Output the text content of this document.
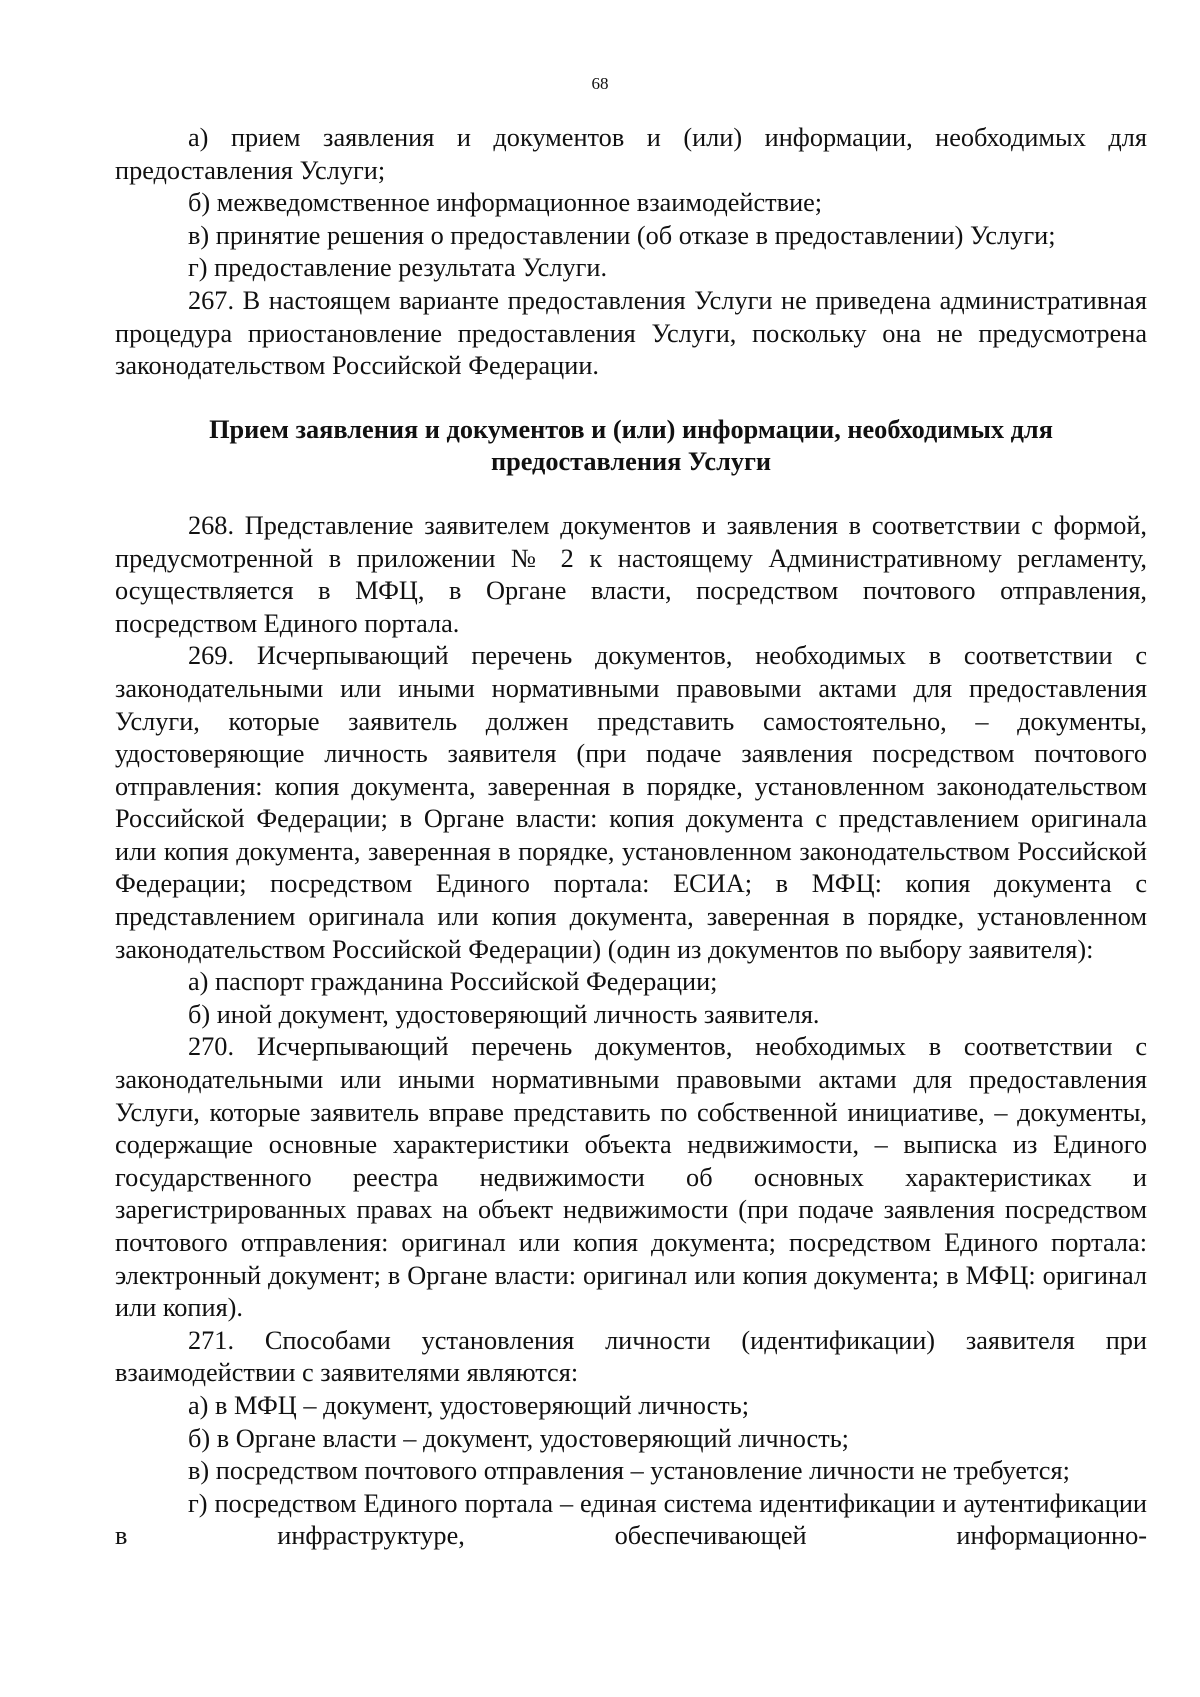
68

а) прием заявления и документов и (или) информации, необходимых для предоставления Услуги;

б) межведомственное информационное взаимодействие;

в) принятие решения о предоставлении (об отказе в предоставлении) Услуги;

г) предоставление результата Услуги.

267. В настоящем варианте предоставления Услуги не приведена административная процедура приостановление предоставления Услуги, поскольку она не предусмотрена законодательством Российской Федерации.

Прием заявления и документов и (или) информации, необходимых для
предоставления Услуги

268. Представление заявителем документов и заявления в соответствии с формой, предусмотренной в приложении № 2 к настоящему Административному регламенту, осуществляется в МФЦ, в Органе власти, посредством почтового отправления, посредством Единого портала.

269. Исчерпывающий перечень документов, необходимых в соответствии с законодательными или иными нормативными правовыми актами для предоставления Услуги, которые заявитель должен представить самостоятельно, – документы, удостоверяющие личность заявителя (при подаче заявления посредством почтового отправления: копия документа, заверенная в порядке, установленном законодательством Российской Федерации; в Органе власти: копия документа с представлением оригинала или копия документа, заверенная в порядке, установленном законодательством Российской Федерации; посредством Единого портала: ЕСИА; в МФЦ: копия документа с представлением оригинала или копия документа, заверенная в порядке, установленном законодательством Российской Федерации) (один из документов по выбору заявителя):

а) паспорт гражданина Российской Федерации;

б) иной документ, удостоверяющий личность заявителя.

270. Исчерпывающий перечень документов, необходимых в соответствии с законодательными или иными нормативными правовыми актами для предоставления Услуги, которые заявитель вправе представить по собственной инициативе, – документы, содержащие основные характеристики объекта недвижимости, – выписка из Единого государственного реестра недвижимости об основных характеристиках и зарегистрированных правах на объект недвижимости (при подаче заявления посредством почтового отправления: оригинал или копия документа; посредством Единого портала: электронный документ; в Органе власти: оригинал или копия документа; в МФЦ: оригинал или копия).

271. Способами установления личности (идентификации) заявителя при взаимодействии с заявителями являются:

а) в МФЦ – документ, удостоверяющий личность;

б) в Органе власти – документ, удостоверяющий личность;

в) посредством почтового отправления – установление личности не требуется;

г) посредством Единого портала – единая система идентификации и аутентификации в инфраструктуре, обеспечивающей информационно-
